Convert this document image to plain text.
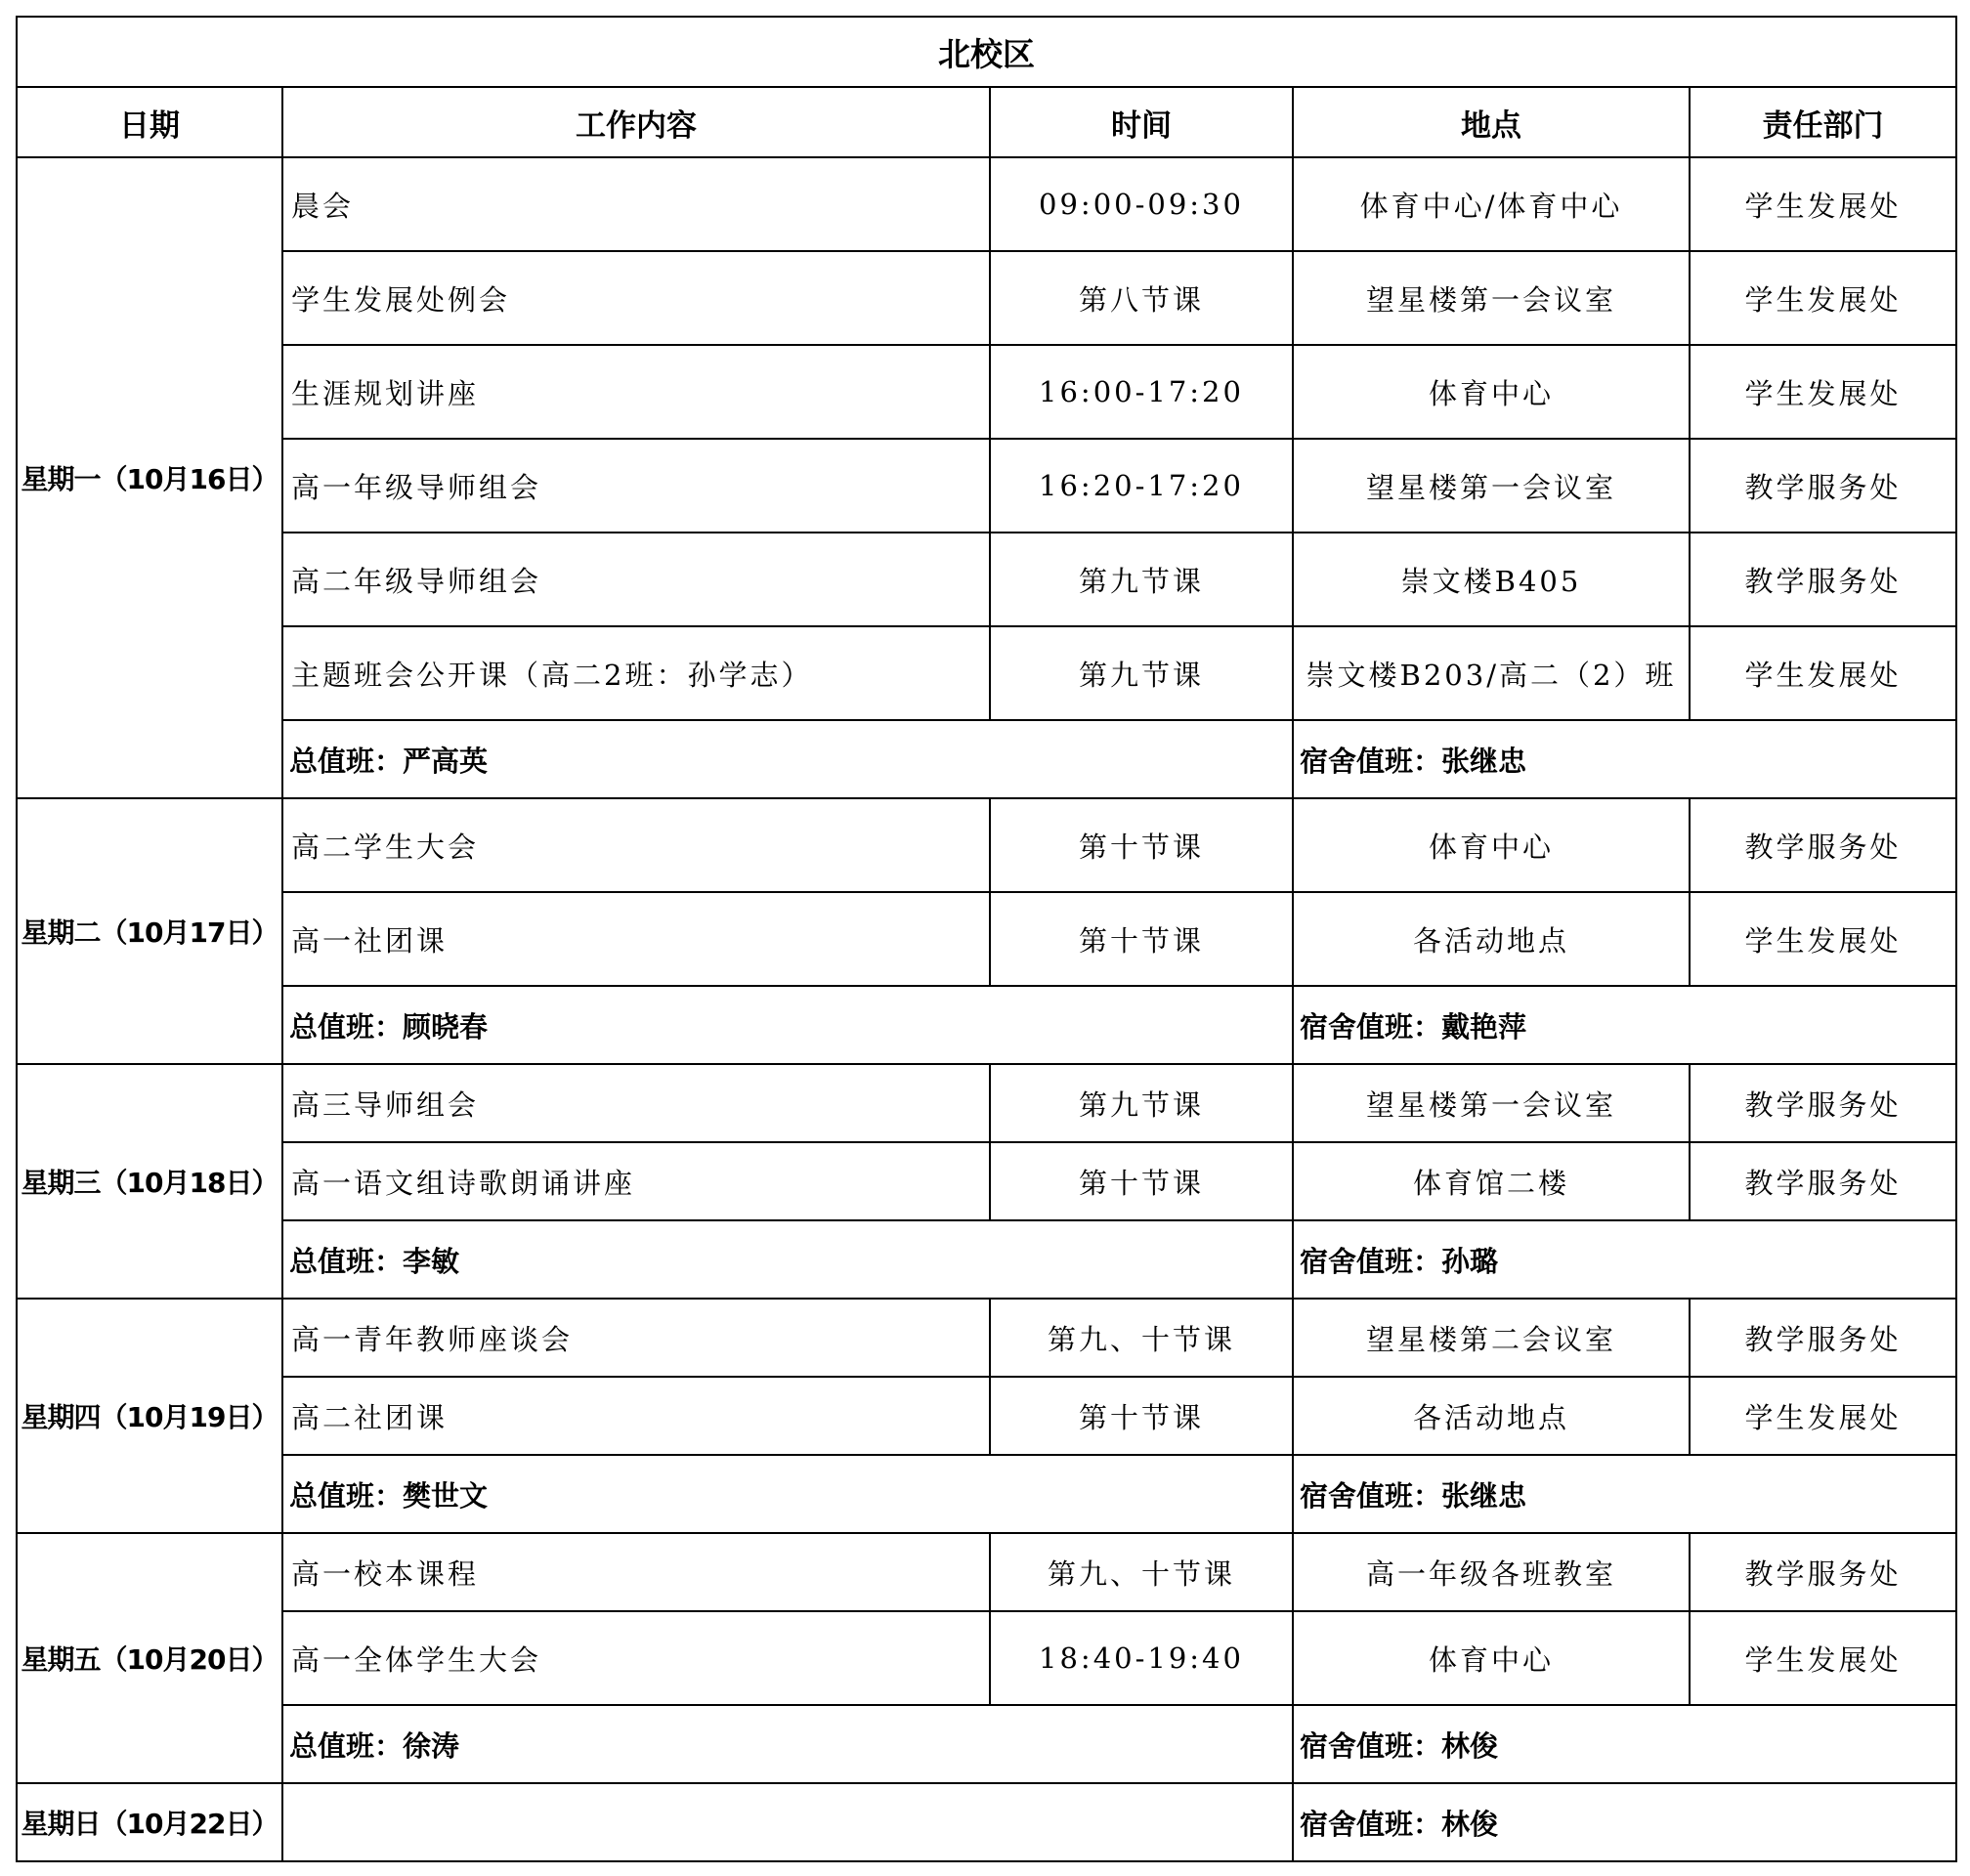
北校区				
日期	工作内容	时间	地点	责任部门
星期一（10月16日）	晨会	09:00-09:30	体育中心/体育中心	学生发展处
	学生发展处例会	第八节课	望星楼第一会议室	学生发展处
	生涯规划讲座	16:00-17:20	体育中心	学生发展处
	高一年级导师组会	16:20-17:20	望星楼第一会议室	教学服务处
	高二年级导师组会	第九节课	崇文楼B405	教学服务处
	主题班会公开课（高二2班：孙学志）	第九节课	崇文楼B203/高二（2）班	学生发展处
	总值班：严高英		宿舍值班：张继忠	
星期二（10月17日）	高二学生大会	第十节课	体育中心	教学服务处
	高一社团课	第十节课	各活动地点	学生发展处
	总值班：顾晓春		宿舍值班：戴艳萍	
星期三（10月18日）	高三导师组会	第九节课	望星楼第一会议室	教学服务处
	高一语文组诗歌朗诵讲座	第十节课	体育馆二楼	教学服务处
	总值班：李敏		宿舍值班：孙璐	
星期四（10月19日）	高一青年教师座谈会	第九、十节课	望星楼第二会议室	教学服务处
	高二社团课	第十节课	各活动地点	学生发展处
	总值班：樊世文		宿舍值班：张继忠	
星期五（10月20日）	高一校本课程	第九、十节课	高一年级各班教室	教学服务处
	高一全体学生大会	18:40-19:40	体育中心	学生发展处
	总值班：徐涛		宿舍值班：林俊	
星期日（10月22日）			宿舍值班：林俊	
